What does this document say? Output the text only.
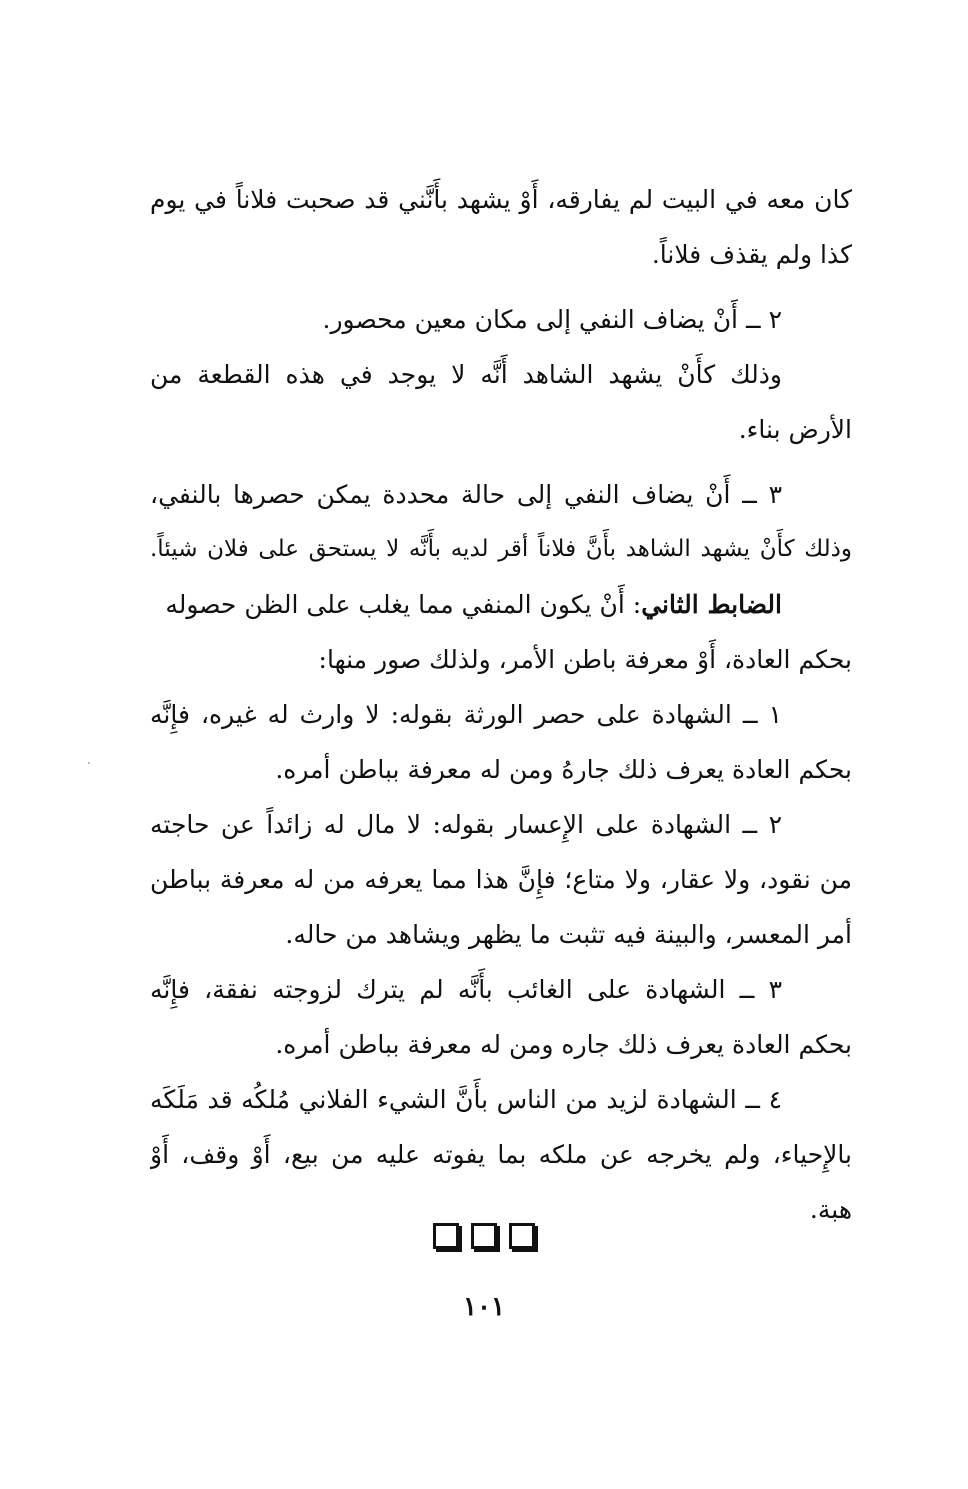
كان معه في البيت لم يفارقه، أَوْ يشهد بأَنَّني قد صحبت فلاناً في يوم
كذا ولم يقذف فلاناً.
٢ ــ أَنْ يضاف النفي إلى مكان معين محصور.
وذلك كأَنْ يشهد الشاهد أَنَّه لا يوجد في هذه القطعة من
الأرض بناء.
٣ ــ أَنْ يضاف النفي إلى حالة محددة يمكن حصرها بالنفي،
وذلك كأَنْ يشهد الشاهد بأَنَّ فلاناً أقر لديه بأَنَّه لا يستحق على فلان شيئاً.
الضابط الثاني: أَنْ يكون المنفي مما يغلب على الظن حصوله
بحكم العادة، أَوْ معرفة باطن الأمر، ولذلك صور منها:
١ ــ الشهادة على حصر الورثة بقوله: لا وارث له غيره، فإِنَّه
بحكم العادة يعرف ذلك جارهُ ومن له معرفة بباطن أمره.
٢ ــ الشهادة على الإِعسار بقوله: لا مال له زائداً عن حاجته
من نقود، ولا عقار، ولا متاع؛ فإِنَّ هذا مما يعرفه من له معرفة بباطن
أمر المعسر، والبينة فيه تثبت ما يظهر ويشاهد من حاله.
٣ ــ الشهادة على الغائب بأَنَّه لم يترك لزوجته نفقة، فإِنَّه
بحكم العادة يعرف ذلك جاره ومن له معرفة بباطن أمره.
٤ ــ الشهادة لزيد من الناس بأَنَّ الشيء الفلاني مُلكُه قد مَلَكَه
بالإِحياء، ولم يخرجه عن ملكه بما يفوته عليه من بيع، أَوْ وقف، أَوْ
هبة.
١٠١
